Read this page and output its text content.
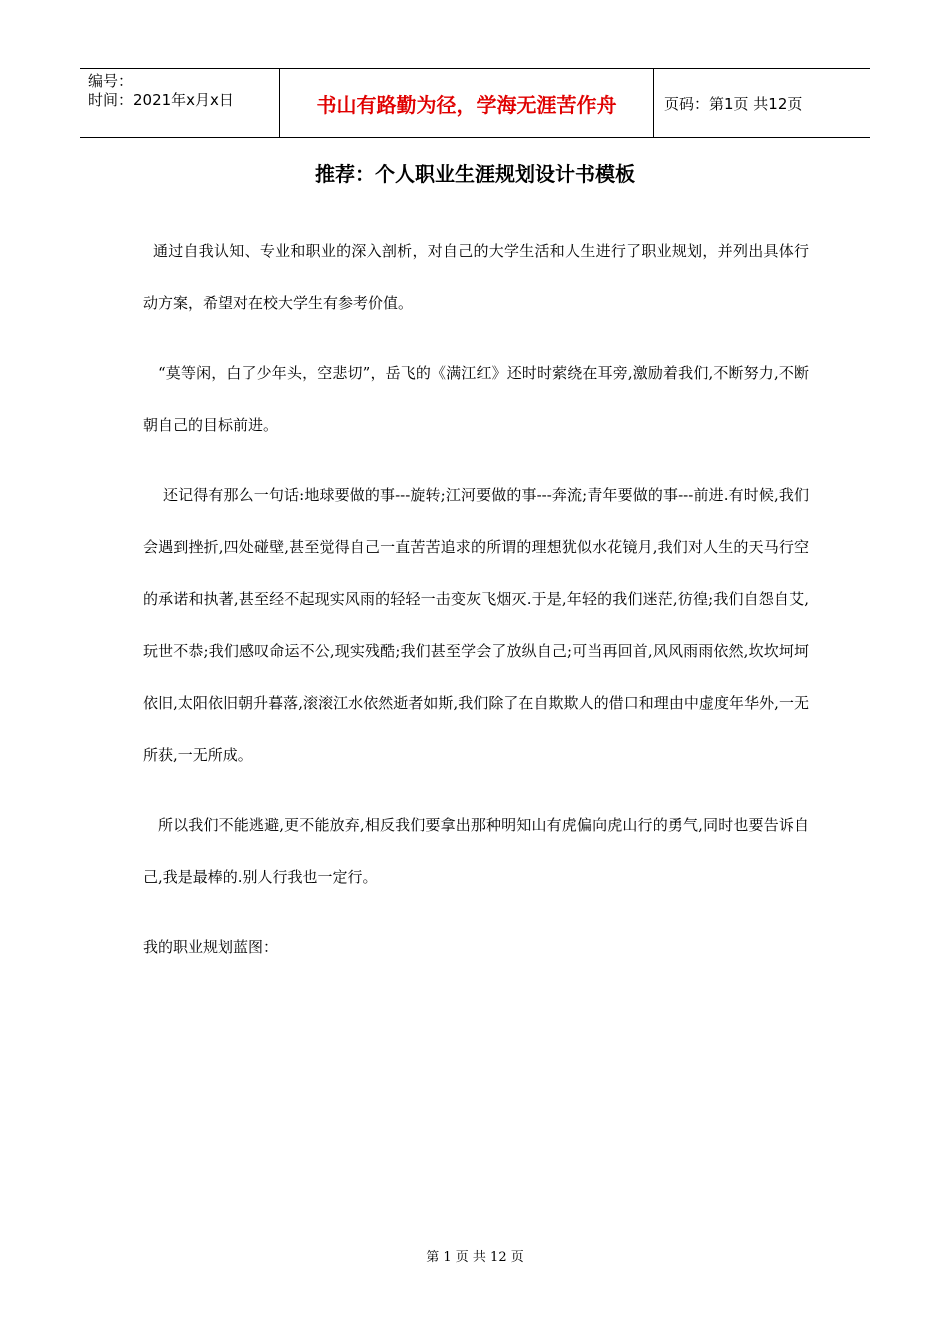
编号：
时间：2021年x月x日	书山有路勤为径，学海无涯苦作舟	页码：第1页 共12页
推荐：个人职业生涯规划设计书模板

通过自我认知、专业和职业的深入剖析，对自己的大学生活和人生进行了职业规划，并列出具体行动方案，希望对在校大学生有参考价值。

“莫等闲，白了少年头，空悲切”，岳飞的《满江红》还时时萦绕在耳旁,激励着我们,不断努力,不断朝自己的目标前进。

还记得有那么一句话:地球要做的事---旋转;江河要做的事---奔流;青年要做的事---前进.有时候,我们会遇到挫折,四处碰壁,甚至觉得自己一直苦苦追求的所谓的理想犹似水花镜月,我们对人生的天马行空的承诺和执著,甚至经不起现实风雨的轻轻一击变灰飞烟灭.于是,年轻的我们迷茫,彷徨;我们自怨自艾,玩世不恭;我们感叹命运不公,现实残酷;我们甚至学会了放纵自己;可当再回首,风风雨雨依然,坎坎坷坷依旧,太阳依旧朝升暮落,滚滚江水依然逝者如斯,我们除了在自欺欺人的借口和理由中虚度年华外,一无所获,一无所成。

所以我们不能逃避,更不能放弃,相反我们要拿出那种明知山有虎偏向虎山行的勇气,同时也要告诉自己,我是最棒的.别人行我也一定行。

我的职业规划蓝图：

第 1 页 共 12 页
